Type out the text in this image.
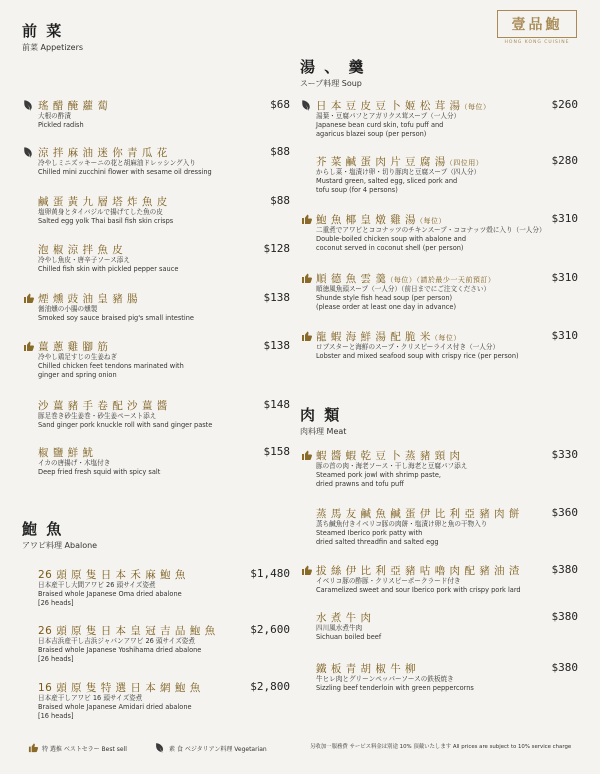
壹品鮑
HONG KONG CUISINE
前 菜
前菜 Appetizers
瑤 醋 醃 蘿 蔔	$68
大根の酢漬
Pickled radish
涼 拌 麻 油 迷 你 青 瓜 花	$88
冷やしミニズッキーニの花と胡麻油ドレッシング入り
Chilled mini zucchini flower with sesame oil dressing
鹹 蛋 黃 九 層 塔 炸 魚 皮	$88
塩卵黄身とタイバジルで揚げてした魚の皮
Salted egg yolk Thai basil fish skin crisps
泡 椒 涼 拌 魚 皮	$128
冷やし魚皮・唐辛子ソース添え
Chilled fish skin with pickled pepper sauce
煙 燻 豉 油 皇 豬 腸	$138
醤油燻の小腸の燻製
Smoked soy sauce braised pig's small intestine
薑 蔥 雞 腳 筋	$138
冷やし鶏足すじの生姜ねぎ
Chilled chicken feet tendons marinated with
ginger and spring onion
沙 薑 豬 手 卷 配 沙 薑 醬	$148
豚足巻き砂生姜巻・砂生姜ペースト添え
Sand ginger pork knuckle roll with sand ginger paste
椒 鹽 鮮 魷	$158
イカの唐揚げ・木塩付き
Deep fried fresh squid with spicy salt
鮑 魚
アワビ料理 Abalone
26 頭 原 隻 日 本 禾 麻 鮑 魚	$1,480
日本産干し大間アワビ 26 頭サイズ姿煮
Braised whole Japanese Oma dried abalone
[26 heads]
26 頭 原 隻 日 本 皇 冠 吉 品 鮑 魚	$2,600
日本吉浜産干し吉浜ジャパンアワビ 26 頭サイズ姿煮
Braised whole Japanese Yoshihama dried abalone
[26 heads]
16 頭 原 隻 特 選 日 本 網 鮑 魚	$2,800
日本産干しアワビ 16 頭サイズ姿煮
Braised whole Japanese Amidari dried abalone
[16 heads]
湯 、 羹
スープ料理 Soup
日 本 豆 皮 豆 卜 姬 松 茸 湯（每位）	$260
湯葉・豆腐パフとアガリクス茸スープ（一人分）
Japanese bean curd skin, tofu puff and
agaricus blazei soup (per person)
芥 菜 鹹 蛋 肉 片 豆 腐 湯（四位用）	$280
からし菜・塩漬け卵・切り豚肉と豆腐スープ（四人分）
Mustard green, salted egg, sliced pork and
tofu soup (for 4 persons)
鮑 魚 椰 皇 燉 雞 湯（每位）	$310
二重煮でアワビとココナッツのチキンスープ・ココナッツ殻に入り（一人分）
Double-boiled chicken soup with abalone and
coconut served in coconut shell (per person)
順 德 魚 雲 羹（每位）（請於最少一天前預訂）	$310
順徳風魚頭スープ（一人分）（前日までにご注文ください）
Shunde style fish head soup (per person)
(please order at least one day in advance)
龍 蝦 海 鮮 湯 配 脆 米（每位）	$310
ロブスターと海鮮のスープ・クリスピーライス付き（一人分）
Lobster and mixed seafood soup with crispy rice (per person)
肉 類
肉料理 Meat
蝦 醬 蝦 乾 豆 卜 蒸 豬 頸 肉	$330
豚の首の肉・海老ソース・干し海老と豆腐パフ添え
Steamed pork jowl with shrimp paste,
dried prawns and tofu puff
蒸 馬 友 鹹 魚 鹹 蛋 伊 比 利 亞 豬 肉 餅	$360
蒸ち鹹魚付きイベリコ豚の肉餅・塩漬け卵と魚の干物入り
Steamed Iberico pork patty with
dried salted threadfin and salted egg
拔 絲 伊 比 利 亞 豬 咕 嚕 肉 配 豬 油 渣	$380
イベリコ豚の酢豚・クリスピーポークラード付き
Caramelized sweet and sour Iberico pork with crispy pork lard
水 煮 牛 肉	$380
四川風水煮牛肉
Sichuan boiled beef
鐵 板 青 胡 椒 牛 柳	$380
牛ヒレ肉とグリーンペッパーソースの鉄板焼き
Sizzling beef tenderloin with green peppercorns
特 選推 ベストセラー Best sell	素 食 ベジタリアン料理 Vegetarian	另收加一服務費 サービス料金は別途 10% 頂戴いたします All prices are subject to 10% service charge
